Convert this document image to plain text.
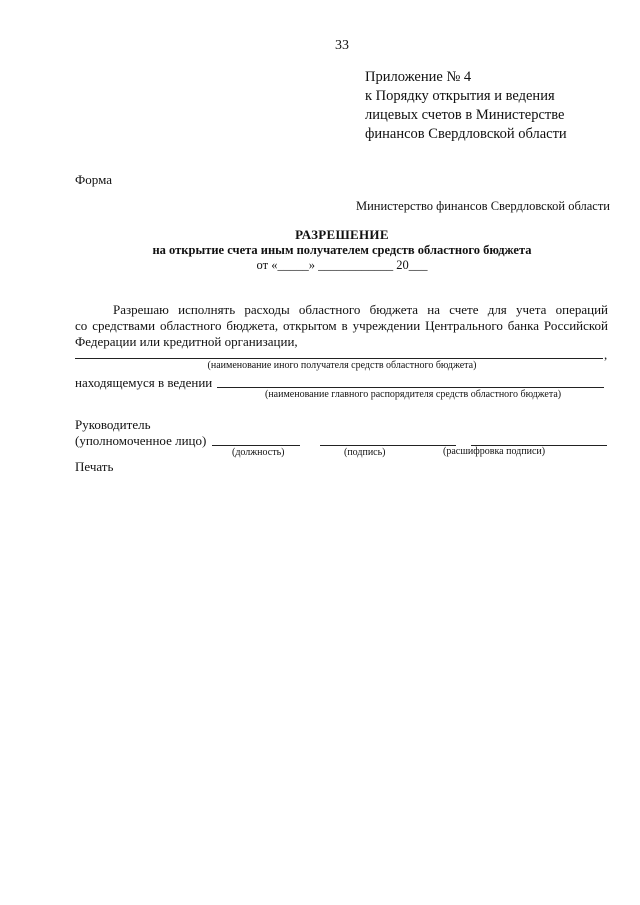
33
Приложение № 4
к Порядку открытия и ведения
лицевых счетов в Министерстве
финансов Свердловской области
Форма
Министерство финансов Свердловской области
РАЗРЕШЕНИЕ
на открытие счета иным получателем средств областного бюджета
от «_____» ____________ 20___
Разрешаю исполнять расходы областного бюджета на счете для учета операций
со средствами областного бюджета, открытом в учреждении Центрального банка Российской
Федерации или кредитной организации,
,
(наименование иного получателя средств областного бюджета)
находящемуся в ведении
(наименование главного распорядителя средств областного бюджета)
Руководитель
(уполномоченное лицо)
(должность)	(подпись)	(расшифровка подписи)
Печать
